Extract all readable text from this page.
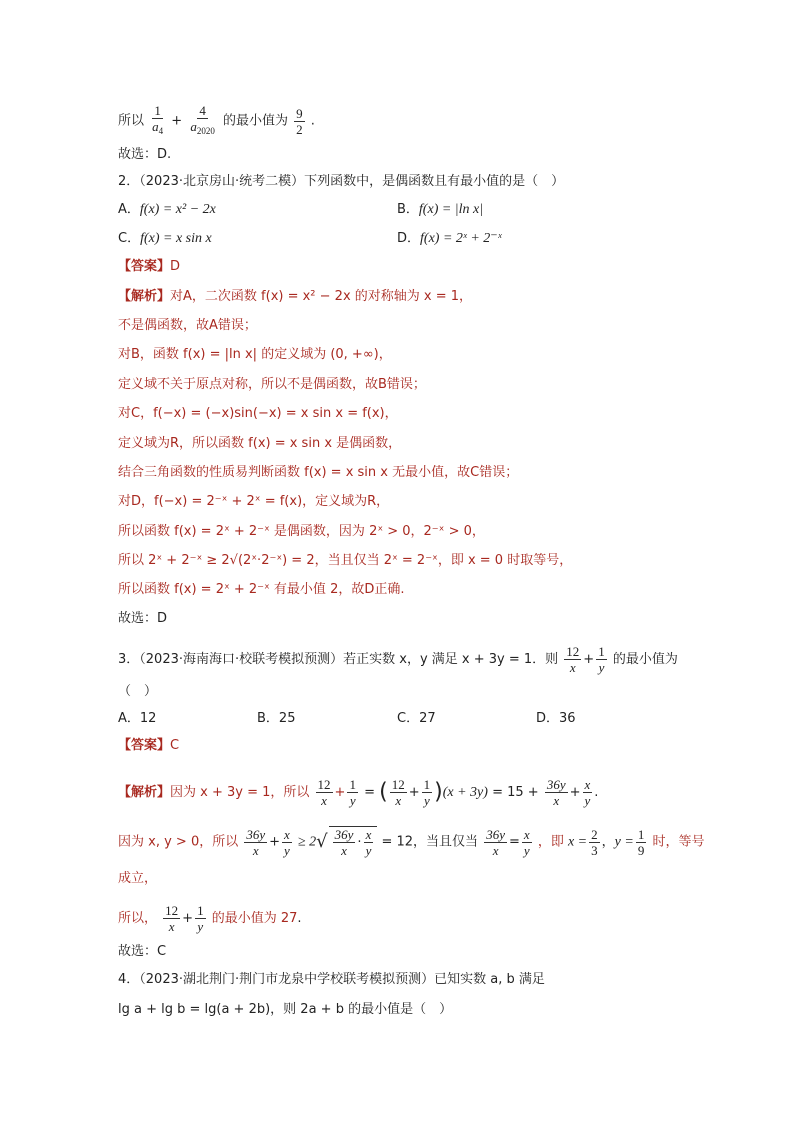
所以 $\frac{1}{a_4} + \frac{4}{a_{2020}}$ 的最小值为 $\frac{9}{2}$ .
故选：D.
2．（2023·北京房山·统考二模）下列函数中，是偶函数且有最小值的是（　）
A．f(x) = x² − 2x	B．f(x) = |ln x|
C．f(x) = x sin x	D．f(x) = 2ˣ + 2⁻ˣ
【答案】D
【解析】对A，二次函数 f(x) = x² − 2x 的对称轴为 x = 1，
不是偶函数，故A错误；
对B，函数 f(x) = |ln x| 的定义域为 (0, +∞)，
定义域不关于原点对称，所以不是偶函数，故B错误；
对C，f(−x) = (−x)sin(−x) = x sin x = f(x)，
定义域为R，所以函数 f(x) = x sin x 是偶函数，
结合三角函数的性质易判断函数 f(x) = x sin x 无最小值，故C错误；
对D，f(−x) = 2⁻ˣ + 2ˣ = f(x)，定义域为R，
所以函数 f(x) = 2ˣ + 2⁻ˣ 是偶函数，因为 2ˣ > 0，2⁻ˣ > 0，
所以 2ˣ + 2⁻ˣ ≥ 2√(2ˣ·2⁻ˣ) = 2，当且仅当 2ˣ = 2⁻ˣ，即 x = 0 时取等号，
所以函数 f(x) = 2ˣ + 2⁻ˣ 有最小值 2，故D正确.
故选：D
3．（2023·海南海口·校联考模拟预测）若正实数 x，y 满足 x + 3y = 1．则 $\frac{12}{x} + \frac{1}{y}$ 的最小值为
（　）
A．12	B．25	C．27	D．36
【答案】C
【解析】因为 x + 3y = 1，所以 $\frac{12}{x} + \frac{1}{y}$ = ( $\frac{12}{x} + \frac{1}{y} )(x + 3y) = 15 + \frac{36y}{x} + \frac{x}{y}$ .
因为 x, y > 0，所以 $\frac{36y}{x} + \frac{x}{y} \ge 2√ \frac{36y}{x} \cdot \frac{x}{y} = 12$，当且仅当 $\frac{36y}{x} = \frac{x}{y}$ ，即 $x = \frac{2}{3}$ ，$y = \frac{1}{9}$ 时，等号
成立，
所以， $\frac{12}{x} + \frac{1}{y}$ 的最小值为 27.
故选：C
4．（2023·湖北荆门·荆门市龙泉中学校联考模拟预测）已知实数 a, b 满足
lg a + lg b = lg(a + 2b)，则 2a + b 的最小值是（　）
